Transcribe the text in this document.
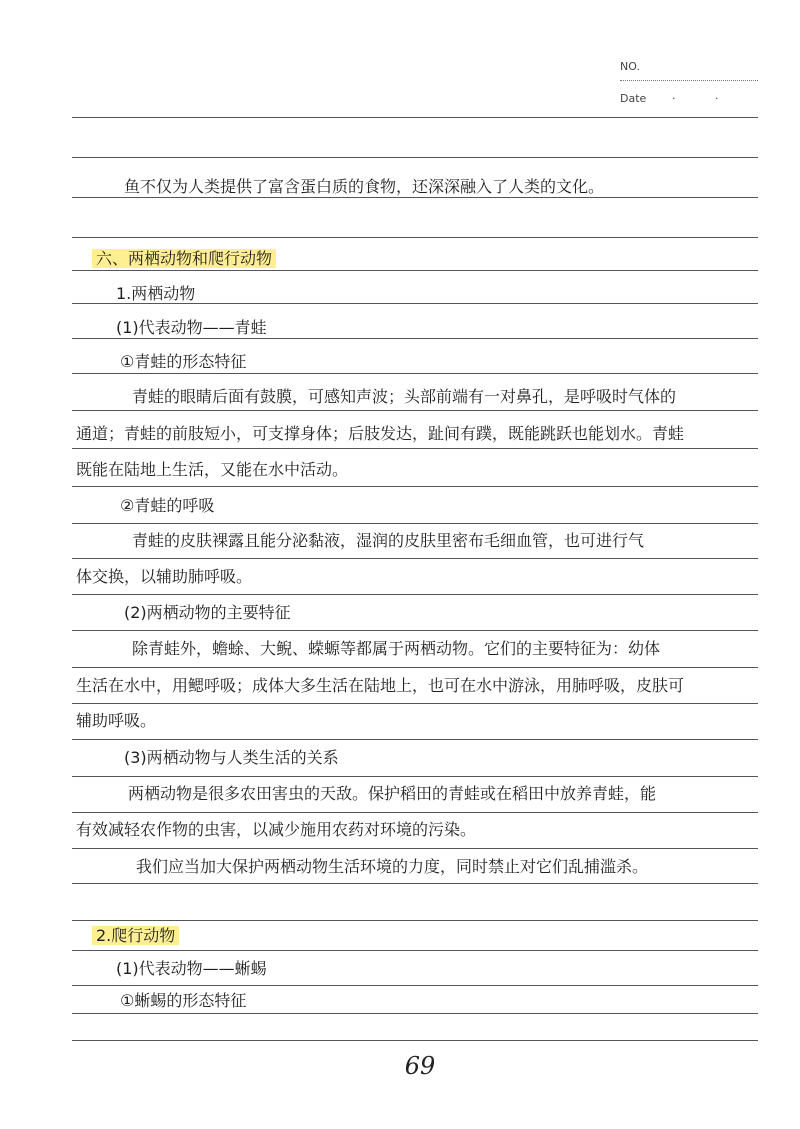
NO.
Date · ·
鱼不仅为人类提供了富含蛋白质的食物，还深深融入了人类的文化。
六、两栖动物和爬行动物
1.两栖动物
(1)代表动物——青蛙
①青蛙的形态特征
青蛙的眼睛后面有鼓膜，可感知声波；头部前端有一对鼻孔，是呼吸时气体的
通道；青蛙的前肢短小，可支撑身体；后肢发达，趾间有蹼，既能跳跃也能划水。青蛙
既能在陆地上生活，又能在水中活动。
②青蛙的呼吸
青蛙的皮肤裸露且能分泌黏液，湿润的皮肤里密布毛细血管，也可进行气
体交换，以辅助肺呼吸。
(2)两栖动物的主要特征
除青蛙外，蟾蜍、大鲵、蝾螈等都属于两栖动物。它们的主要特征为：幼体
生活在水中，用鳃呼吸；成体大多生活在陆地上，也可在水中游泳，用肺呼吸，皮肤可
辅助呼吸。
(3)两栖动物与人类生活的关系
两栖动物是很多农田害虫的天敌。保护稻田的青蛙或在稻田中放养青蛙，能
有效减轻农作物的虫害，以减少施用农药对环境的污染。
我们应当加大保护两栖动物生活环境的力度，同时禁止对它们乱捕滥杀。
2.爬行动物
(1)代表动物——蜥蜴
①蜥蜴的形态特征
69
